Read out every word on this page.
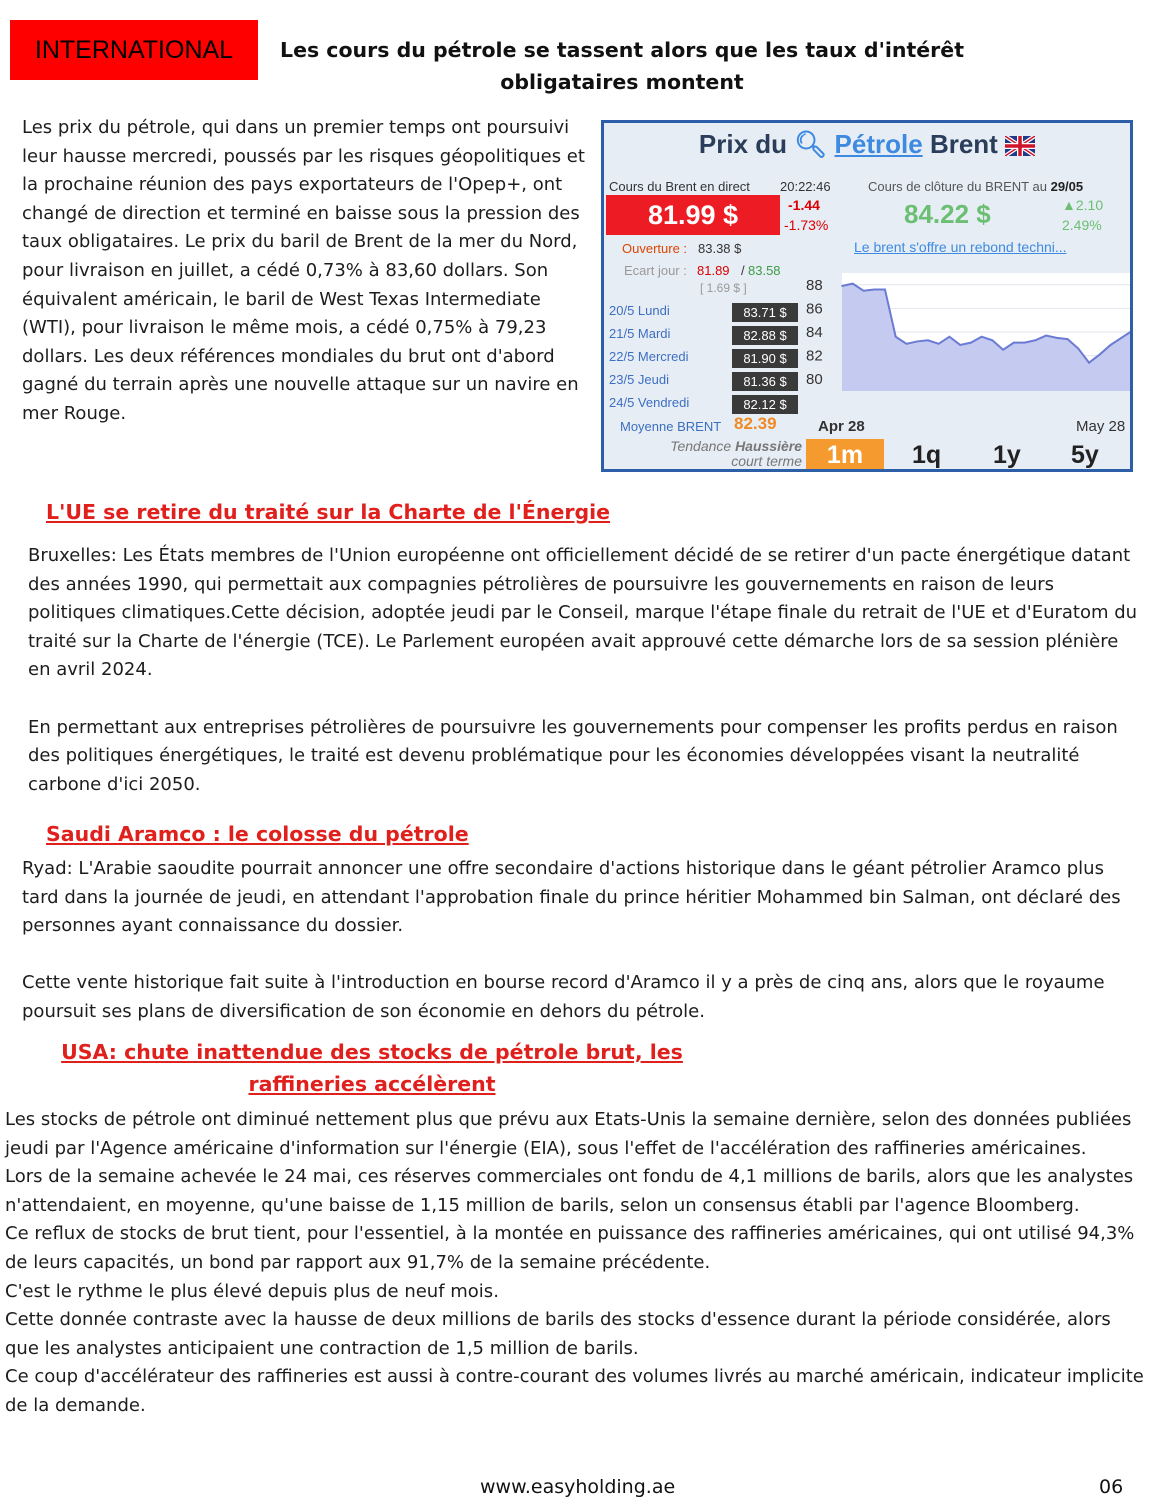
INTERNATIONAL	Les cours du pétrole se tassent alors que les taux d'intérêt
obligataires montent

Les prix du pétrole, qui dans un premier temps ont poursuivi leur hausse mercredi, poussés par les risques géopolitiques et la prochaine réunion des pays exportateurs de l'Opep+, ont changé de direction et terminé en baisse sous la pression des taux obligataires. Le prix du baril de Brent de la mer du Nord, pour livraison en juillet, a cédé 0,73% à 83,60 dollars. Son équivalent américain, le baril de West Texas Intermediate (WTI), pour livraison le même mois, a cédé 0,75% à 79,23 dollars. Les deux références mondiales du brut ont d'abord gagné du terrain après une nouvelle attaque sur un navire en mer Rouge.

Prix du 🔍︎ Pétrole Brent
Cours du Brent en direct 20:22:46
81.99 $	-1.44
-1.73%
Cours de clôture du BRENT au 29/05
84.22 $	▲2.10
2.49%
Ouverture : 83.38 $	Le brent s'offre un rebond techni...
Ecart jour : 81.89 / 83.58
[ 1.69 $ ]
20/5 Lundi	83.71 $
21/5 Mardi	82.88 $
22/5 Mercredi	81.90 $
23/5 Jeudi	81.36 $
24/5 Vendredi	82.12 $
Moyenne BRENT 82.39
Tendance Haussière
court terme 1m	1q 1y 5y
88
86
84
82
80
Apr 28	May 28
L'UE se retire du traité sur la Charte de l'Énergie

Bruxelles: Les États membres de l'Union européenne ont officiellement décidé de se retirer d'un pacte énergétique datant des années 1990, qui permettait aux compagnies pétrolières de poursuivre les gouvernements en raison de leurs politiques climatiques.Cette décision, adoptée jeudi par le Conseil, marque l'étape finale du retrait de l'UE et d'Euratom du traité sur la Charte de l'énergie (TCE). Le Parlement européen avait approuvé cette démarche lors de sa session plénière en avril 2024.

En permettant aux entreprises pétrolières de poursuivre les gouvernements pour compenser les profits perdus en raison des politiques énergétiques, le traité est devenu problématique pour les économies développées visant la neutralité carbone d'ici 2050.

Saudi Aramco : le colosse du pétrole

Ryad: L'Arabie saoudite pourrait annoncer une offre secondaire d'actions historique dans le géant pétrolier Aramco plus tard dans la journée de jeudi, en attendant l'approbation finale du prince héritier Mohammed bin Salman, ont déclaré des personnes ayant connaissance du dossier.

Cette vente historique fait suite à l'introduction en bourse record d'Aramco il y a près de cinq ans, alors que le royaume poursuit ses plans de diversification de son économie en dehors du pétrole.

USA: chute inattendue des stocks de pétrole brut, les
raffineries accélèrent

Les stocks de pétrole ont diminué nettement plus que prévu aux Etats-Unis la semaine dernière, selon des données publiées jeudi par l'Agence américaine d'information sur l'énergie (EIA), sous l'effet de l'accélération des raffineries américaines.

Lors de la semaine achevée le 24 mai, ces réserves commerciales ont fondu de 4,1 millions de barils, alors que les analystes n'attendaient, en moyenne, qu'une baisse de 1,15 million de barils, selon un consensus établi par l'agence Bloomberg.

Ce reflux de stocks de brut tient, pour l'essentiel, à la montée en puissance des raffineries américaines, qui ont utilisé 94,3% de leurs capacités, un bond par rapport aux 91,7% de la semaine précédente.

C'est le rythme le plus élevé depuis plus de neuf mois.

Cette donnée contraste avec la hausse de deux millions de barils des stocks d'essence durant la période considérée, alors que les analystes anticipaient une contraction de 1,5 million de barils.

Ce coup d'accélérateur des raffineries est aussi à contre-courant des volumes livrés au marché américain, indicateur implicite de la demande.

www.easyholding.ae	06
